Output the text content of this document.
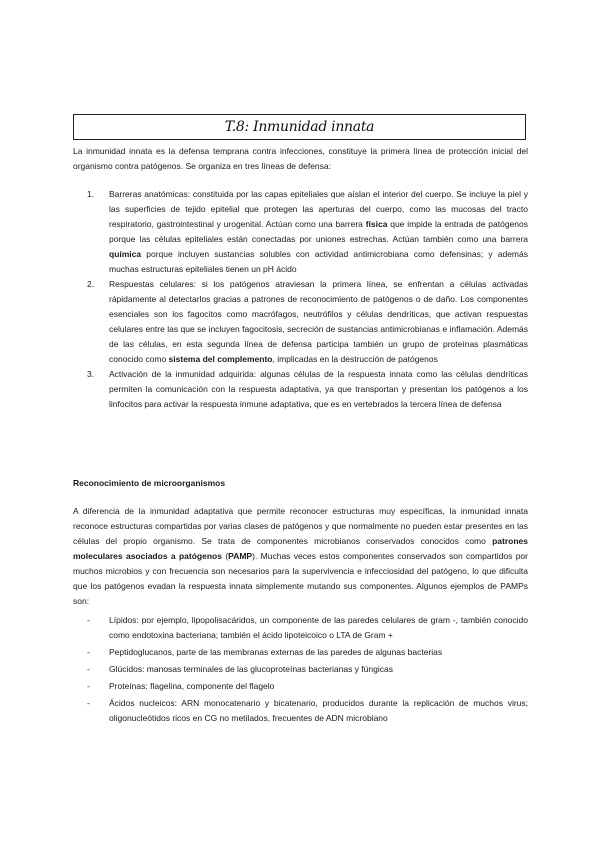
T.8: Inmunidad innata

La inmunidad innata es la defensa temprana contra infecciones, constituye la primera línea de protección inicial del organismo contra patógenos. Se organiza en tres líneas de defensa:

1. Barreras anatómicas: constituida por las capas epiteliales que aíslan el interior del cuerpo. Se incluye la piel y las superficies de tejido epitelial que protegen las aperturas del cuerpo, como las mucosas del tracto respiratorio, gastrointestinal y urogenital. Actúan como una barrera física que impide la entrada de patógenos porque las células epiteliales están conectadas por uniones estrechas. Actúan también como una barrera química porque incluyen sustancias solubles con actividad antimicrobiana como defensinas; y además muchas estructuras epiteliales tienen un pH ácido
2. Respuestas celulares: si los patógenos atraviesan la primera línea, se enfrentan a células activadas rápidamente al detectarlos gracias a patrones de reconocimiento de patógenos o de daño. Los componentes esenciales son los fagocitos como macrófagos, neutrófilos y células dendríticas, que activan respuestas celulares entre las que se incluyen fagocitosis, secreción de sustancias antimicrobianas e inflamación. Además de las células, en esta segunda línea de defensa participa también un grupo de proteínas plasmáticas conocido como sistema del complemento, implicadas en la destrucción de patógenos
3. Activación de la inmunidad adquirida: algunas células de la respuesta innata como las células dendríticas permiten la comunicación con la respuesta adaptativa, ya que transportan y presentan los patógenos a los linfocitos para activar la respuesta inmune adaptativa, que es en vertebrados la tercera línea de defensa

Reconocimiento de microorganismos

A diferencia de la inmunidad adaptativa que permite reconocer estructuras muy específicas, la inmunidad innata reconoce estructuras compartidas por varias clases de patógenos y que normalmente no pueden estar presentes en las células del propio organismo. Se trata de componentes microbianos conservados conocidos como patrones moleculares asociados a patógenos (PAMP). Muchas veces estos componentes conservados son compartidos por muchos microbios y con frecuencia son necesarios para la supervivencia e infecciosidad del patógeno, lo que dificulta que los patógenos evadan la respuesta innata simplemente mutando sus componentes. Algunos ejemplos de PAMPs son:

- Lípidos: por ejemplo, lipopolisacáridos, un componente de las paredes celulares de gram -, también conocido como endotoxina bacteriana; también el ácido lipoteicoico o LTA de Gram +
- Peptidoglucanos, parte de las membranas externas de las paredes de algunas bacterias
- Glúcidos: manosas terminales de las glucoproteínas bacterianas y fúngicas
- Proteínas: flagelina, componente del flagelo
- Ácidos nucleicos: ARN monocatenario y bicatenario, producidos durante la replicación de muchos virus; oligonucleótidos ricos en CG no metilados, frecuentes de ADN microbiano
